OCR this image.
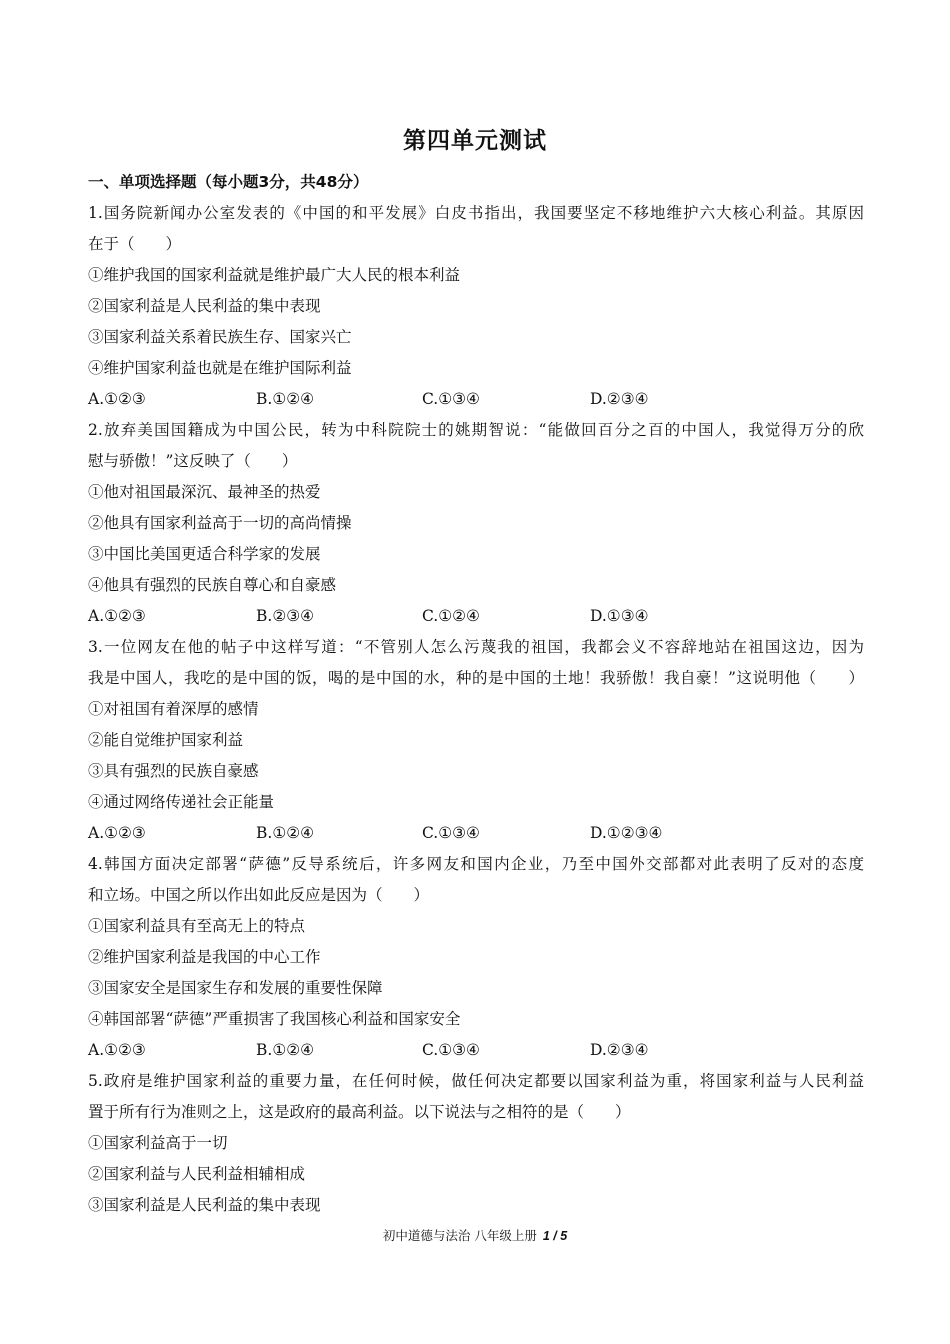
第四单元测试
一、单项选择题（每小题3分，共48分）
1.国务院新闻办公室发表的《中国的和平发展》白皮书指出，我国要坚定不移地维护六大核心利益。其原因
在于（　　）
①维护我国的国家利益就是维护最广大人民的根本利益
②国家利益是人民利益的集中表现
③国家利益关系着民族生存、国家兴亡
④维护国家利益也就是在维护国际利益
A.①②③	B.①②④	C.①③④	D.②③④
2.放弃美国国籍成为中国公民，转为中科院院士的姚期智说：“能做回百分之百的中国人，我觉得万分的欣
慰与骄傲！”这反映了（　　）
①他对祖国最深沉、最神圣的热爱
②他具有国家利益高于一切的高尚情操
③中国比美国更适合科学家的发展
④他具有强烈的民族自尊心和自豪感
A.①②③	B.②③④	C.①②④	D.①③④
3.一位网友在他的帖子中这样写道：“不管别人怎么污蔑我的祖国，我都会义不容辞地站在祖国这边，因为
我是中国人，我吃的是中国的饭，喝的是中国的水，种的是中国的土地！我骄傲！我自豪！”这说明他（　　）
①对祖国有着深厚的感情
②能自觉维护国家利益
③具有强烈的民族自豪感
④通过网络传递社会正能量
A.①②③	B.①②④	C.①③④	D.①②③④
4.韩国方面决定部署“萨德”反导系统后，许多网友和国内企业，乃至中国外交部都对此表明了反对的态度
和立场。中国之所以作出如此反应是因为（　　）
①国家利益具有至高无上的特点
②维护国家利益是我国的中心工作
③国家安全是国家生存和发展的重要性保障
④韩国部署“萨德”严重损害了我国核心利益和国家安全
A.①②③	B.①②④	C.①③④	D.②③④
5.政府是维护国家利益的重要力量，在任何时候，做任何决定都要以国家利益为重，将国家利益与人民利益
置于所有行为准则之上，这是政府的最高利益。以下说法与之相符的是（　　）
①国家利益高于一切
②国家利益与人民利益相辅相成
③国家利益是人民利益的集中表现
初中道德与法治 八年级上册 1 / 5
